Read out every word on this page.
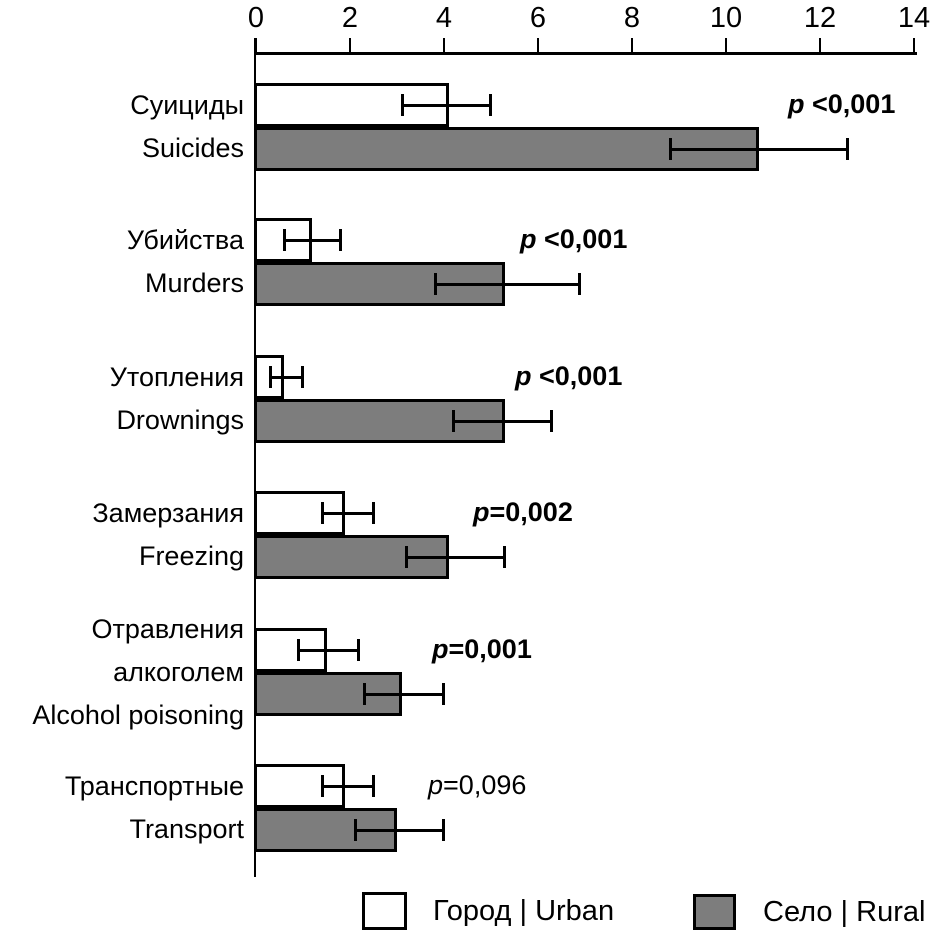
0	2	4	6	8	10	12	14
Суициды
Suicides
p <0,001
Убийства
Murders
p <0,001
Утопления
Drownings
p <0,001
Замерзания
Freezing
p=0,002
Отравления
алкоголем
Alcohol poisoning
p=0,001
Транспортные
Transport
p=0,096
Город | Urban	Село | Rural
